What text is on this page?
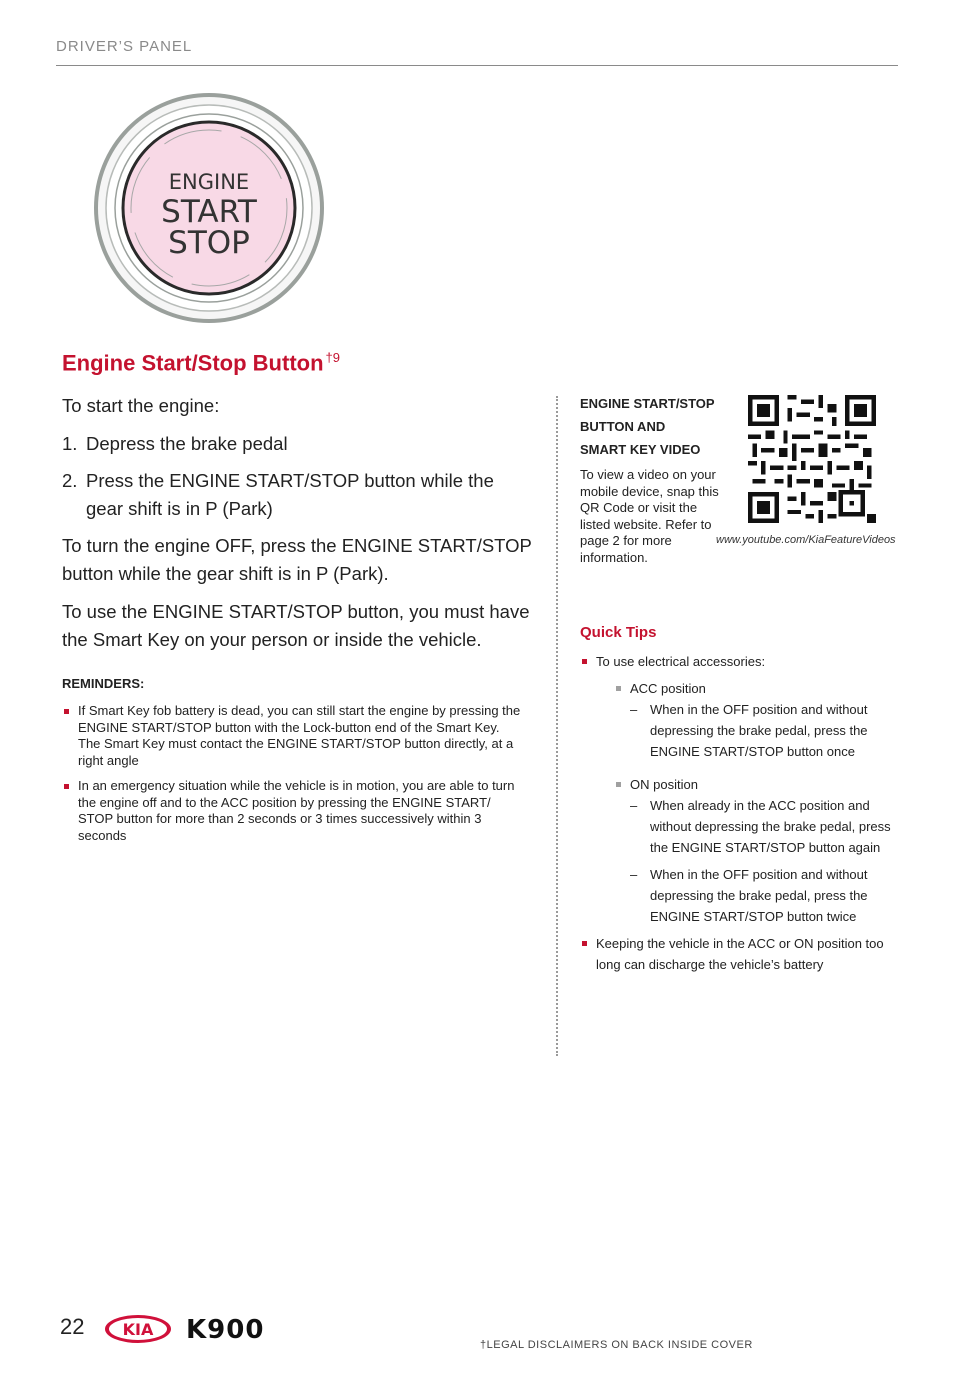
DRIVER’S PANEL
ENGINE
START
STOP
Engine Start/Stop Button $^{\dagger 9}$

To start the engine:

1. Depress the brake pedal
2. Press the ENGINE START/STOP button while the gear shift is in P (Park)

To turn the engine OFF, press the ENGINE START/STOP button while the gear shift is in P (Park).

To use the ENGINE START/STOP button, you must have the Smart Key on your person or inside the vehicle.

REMINDERS:
If Smart Key fob battery is dead, you can still start the engine by pressing the ENGINE START/STOP button with the Lock-button end of the Smart Key. The Smart Key must contact the ENGINE START/STOP button directly, at a right angle
In an emergency situation while the vehicle is in motion, you are able to turn the engine off and to the ACC position by pressing the ENGINE START/ STOP button for more than 2 seconds or 3 times successively within 3 seconds
ENGINE START/STOP
BUTTON AND
SMART KEY VIDEO

To view a video on your mobile device, snap this QR Code or visit the listed website. Refer to page 2 for more information.

www.youtube.com/KiaFeatureVideos
Quick Tips
To use electrical accessories:
ACC position
– When in the OFF position and without depressing the brake pedal, press the ENGINE START/STOP button once
ON position
– When already in the ACC position and without depressing the brake pedal, press the ENGINE START/STOP button again
– When in the OFF position and without depressing the brake pedal, press the ENGINE START/STOP button twice
Keeping the vehicle in the ACC or ON position too long can discharge the vehicle’s battery
22 KIA K900	†LEGAL DISCLAIMERS ON BACK INSIDE COVER
